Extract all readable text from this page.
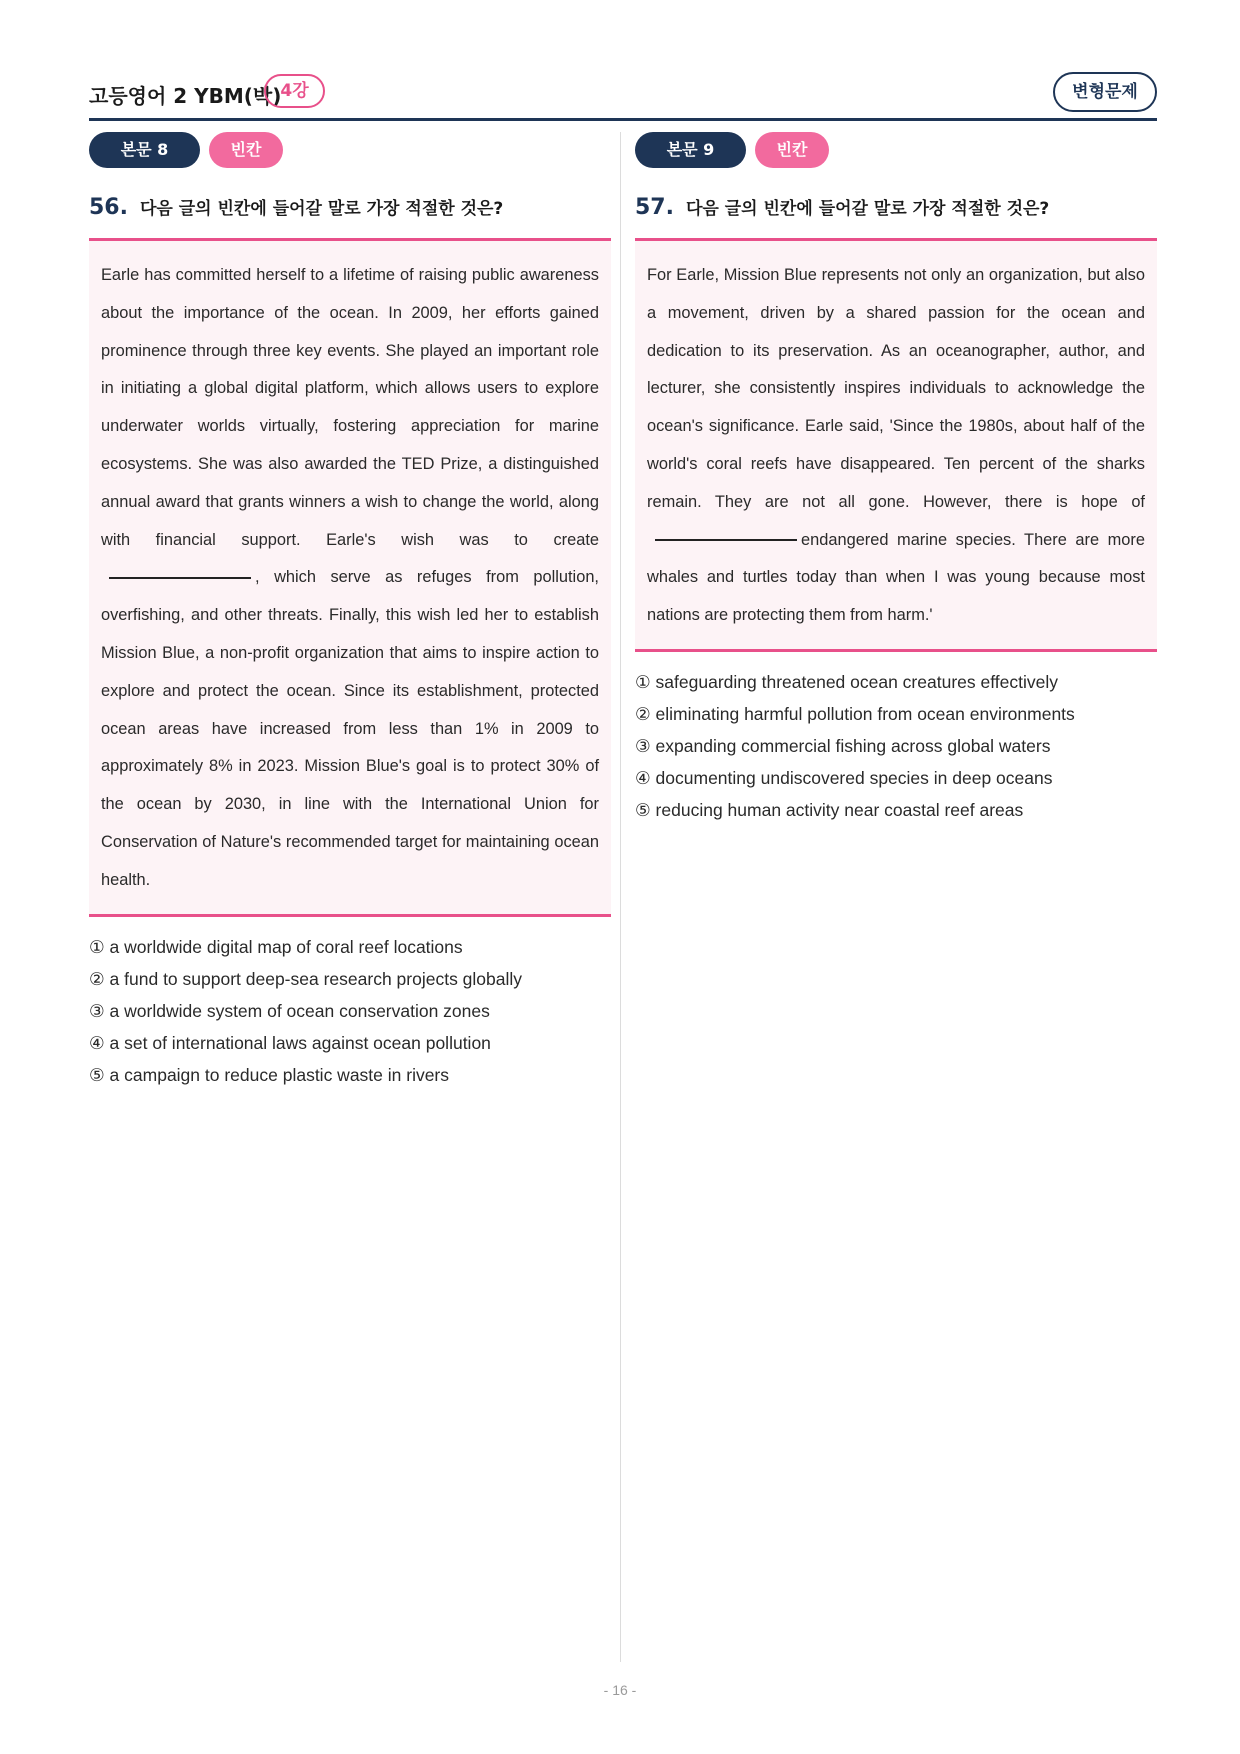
고등영어 2 YBM(박) 4강	변형문제
본문 8	빈칸
56. 다음 글의 빈칸에 들어갈 말로 가장 적절한 것은?

Earle has committed herself to a lifetime of raising public awareness about the importance of the ocean. In 2009, her efforts gained prominence through three key events. She played an important role in initiating a global digital platform, which allows users to explore underwater worlds virtually, fostering appreciation for marine ecosystems. She was also awarded the TED Prize, a distinguished annual award that grants winners a wish to change the world, along with financial support. Earle's wish was to create, which serve as refuges from pollution, overfishing, and other threats. Finally, this wish led her to establish Mission Blue, a non-profit organization that aims to inspire action to explore and protect the ocean. Since its establishment, protected ocean areas have increased from less than 1% in 2009 to approximately 8% in 2023. Mission Blue's goal is to protect 30% of the ocean by 2030, in line with the International Union for Conservation of Nature's recommended target for maintaining ocean health.

① a worldwide digital map of coral reef locations
② a fund to support deep-sea research projects globally
③ a worldwide system of ocean conservation zones
④ a set of international laws against ocean pollution
⑤ a campaign to reduce plastic waste in rivers
본문 9	빈칸
57. 다음 글의 빈칸에 들어갈 말로 가장 적절한 것은?

For Earle, Mission Blue represents not only an organization, but also a movement, driven by a shared passion for the ocean and dedication to its preservation. As an oceanographer, author, and lecturer, she consistently inspires individuals to acknowledge the ocean's significance. Earle said, 'Since the 1980s, about half of the world's coral reefs have disappeared. Ten percent of the sharks remain. They are not all gone. However, there is hope ofendangered marine species. There are more whales and turtles today than when I was young because most nations are protecting them from harm.'

① safeguarding threatened ocean creatures effectively
② eliminating harmful pollution from ocean environments
③ expanding commercial fishing across global waters
④ documenting undiscovered species in deep oceans
⑤ reducing human activity near coastal reef areas
- 16 -
